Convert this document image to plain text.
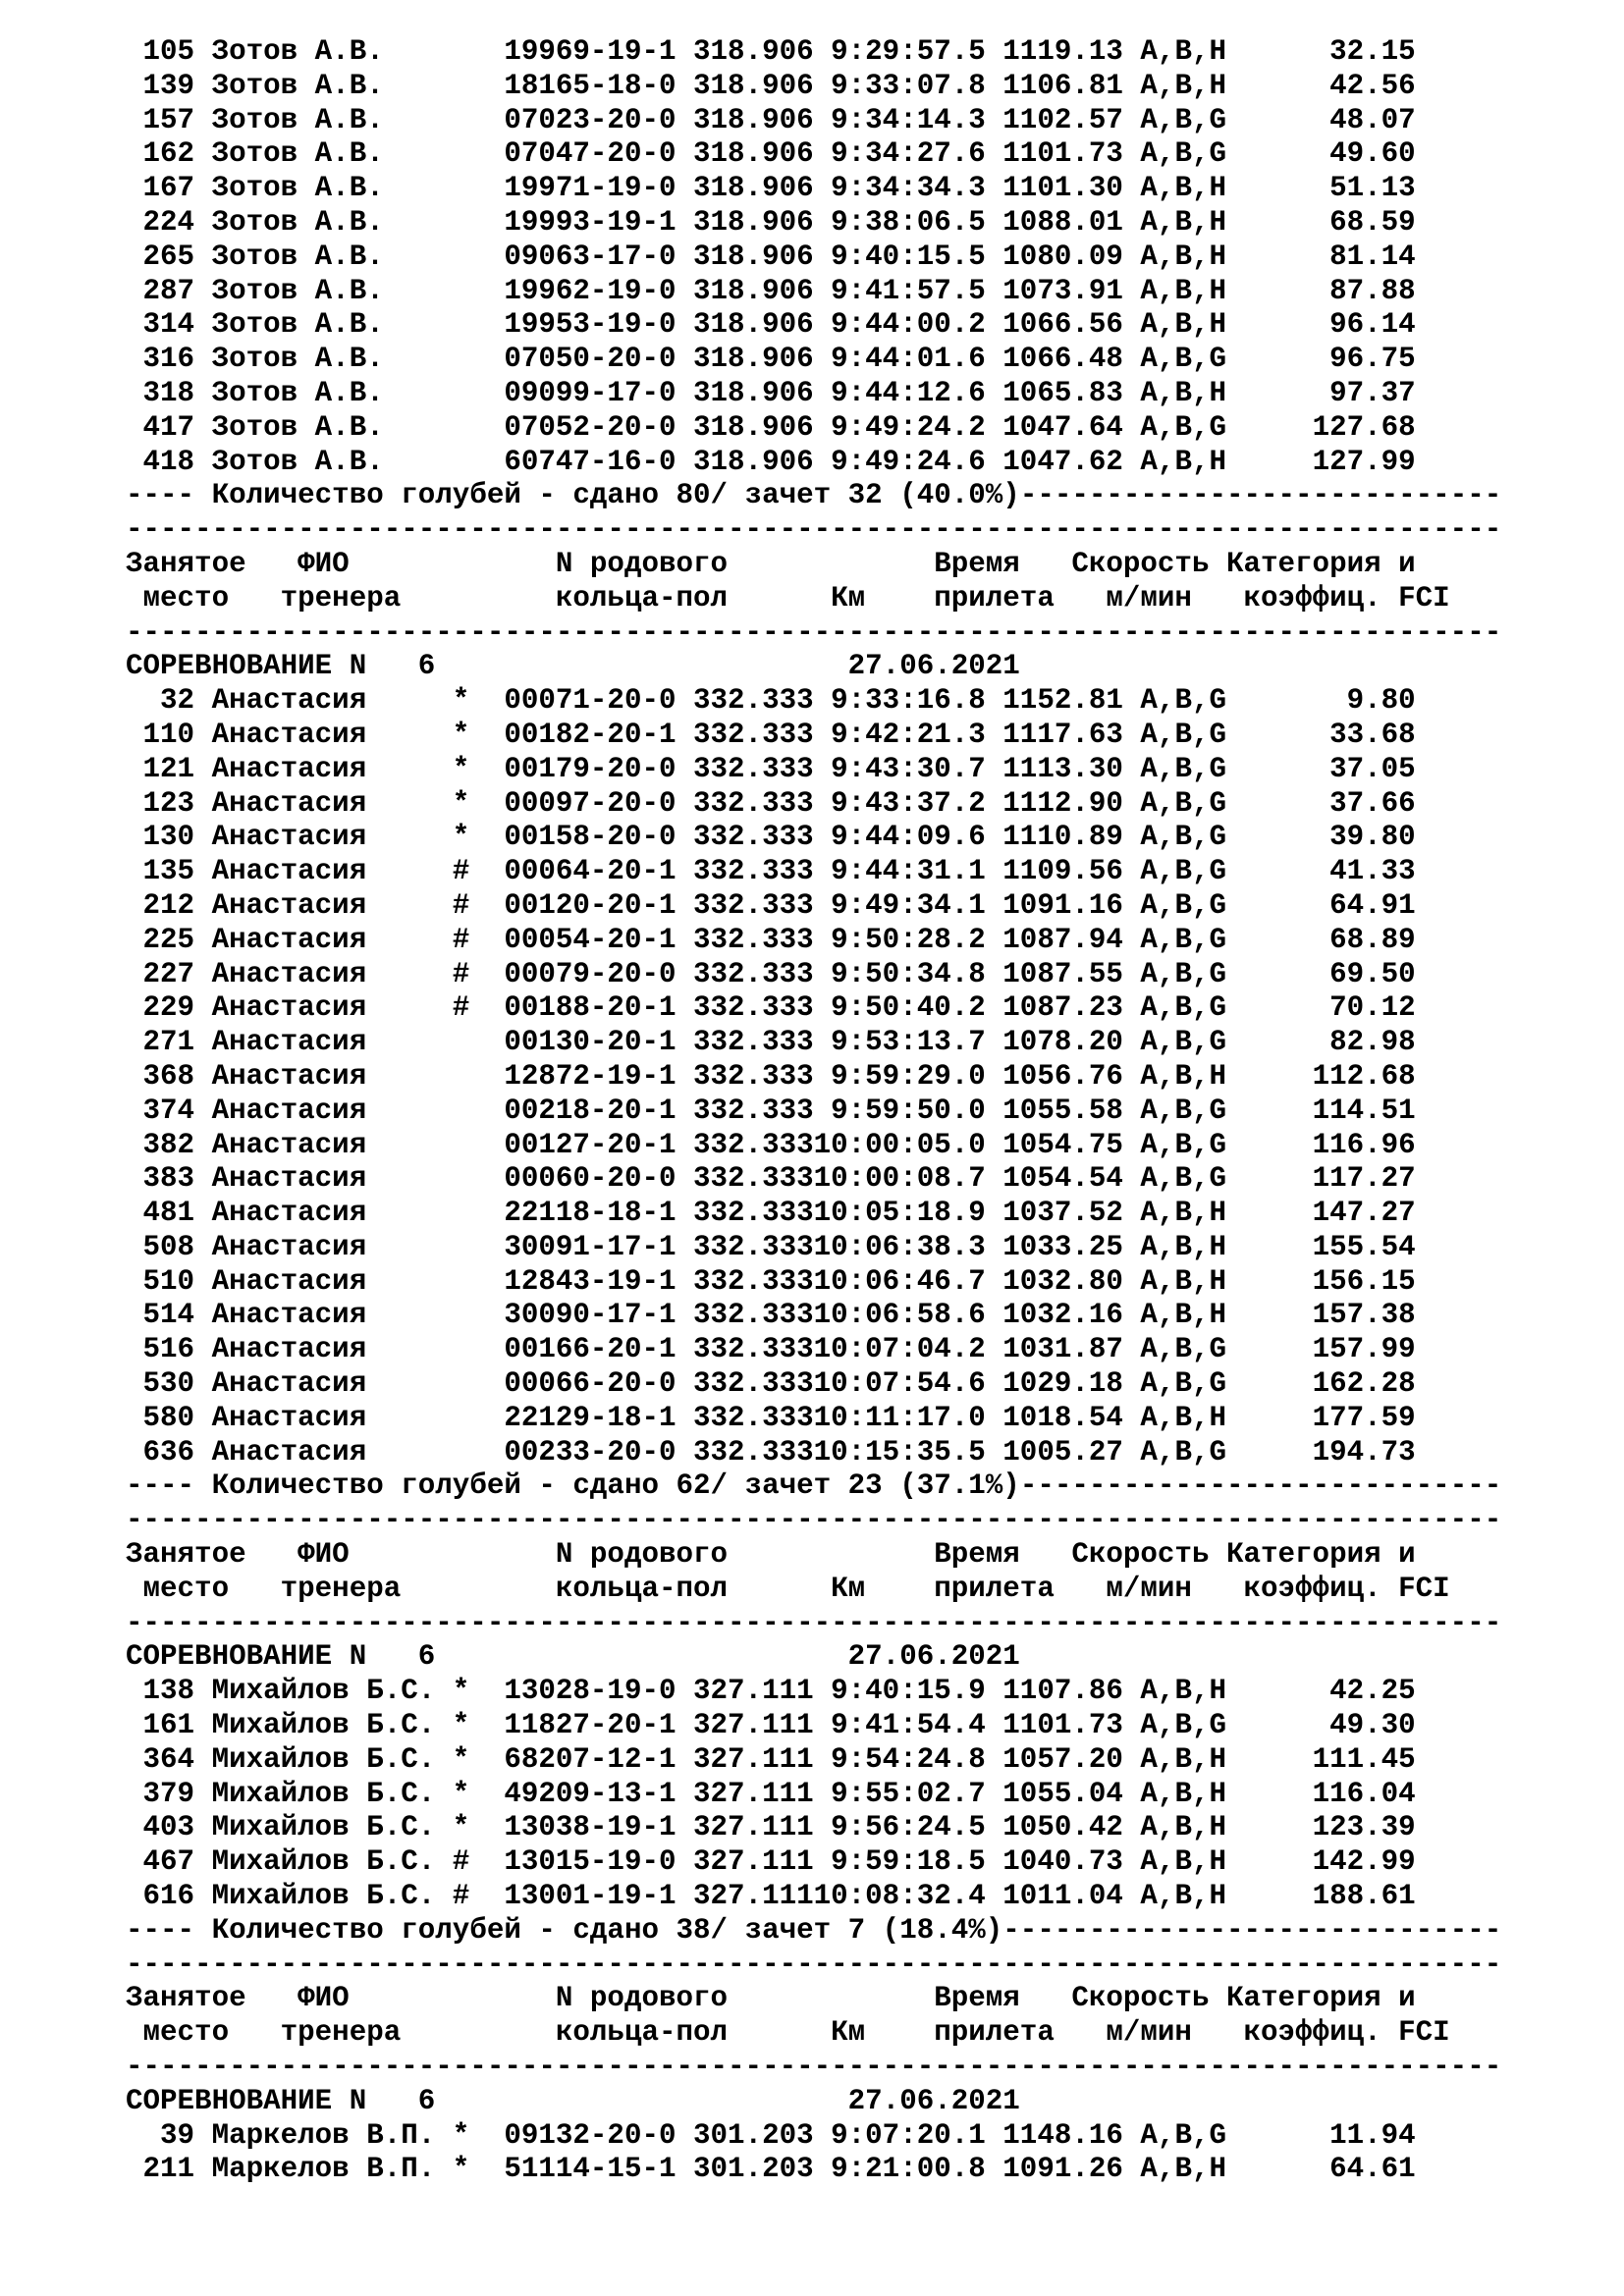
105 Зотов А.В.       19969-19-1 318.906 9:29:57.5 1119.13 A,B,H      32.15
139 Зотов А.В.       18165-18-0 318.906 9:33:07.8 1106.81 A,B,H      42.56
157 Зотов А.В.       07023-20-0 318.906 9:34:14.3 1102.57 A,B,G      48.07
162 Зотов А.В.       07047-20-0 318.906 9:34:27.6 1101.73 A,B,G      49.60
167 Зотов А.В.       19971-19-0 318.906 9:34:34.3 1101.30 A,B,H      51.13
224 Зотов А.В.       19993-19-1 318.906 9:38:06.5 1088.01 A,B,H      68.59
265 Зотов А.В.       09063-17-0 318.906 9:40:15.5 1080.09 A,B,H      81.14
287 Зотов А.В.       19962-19-0 318.906 9:41:57.5 1073.91 A,B,H      87.88
314 Зотов А.В.       19953-19-0 318.906 9:44:00.2 1066.56 A,B,H      96.14
316 Зотов А.В.       07050-20-0 318.906 9:44:01.6 1066.48 A,B,G      96.75
318 Зотов А.В.       09099-17-0 318.906 9:44:12.6 1065.83 A,B,H      97.37
417 Зотов А.В.       07052-20-0 318.906 9:49:24.2 1047.64 A,B,G     127.68
418 Зотов А.В.       60747-16-0 318.906 9:49:24.6 1047.62 A,B,H     127.99
---- Количество голубей - сдано 80/ зачет 32 (40.0%)----------------------------
--------------------------------------------------------------------------------
Занятое   ФИО            N родового            Время   Скорость Категория и
место   тренера         кольца-пол      Км    прилета   м/мин   коэффиц. FCI
--------------------------------------------------------------------------------
СОРЕВНОВАНИЕ N   6                        27.06.2021
32 Анастасия     * 00071-20-0 332.333 9:33:16.8 1152.81 A,B,G       9.80
110 Анастасия     * 00182-20-1 332.333 9:42:21.3 1117.63 A,B,G      33.68
121 Анастасия     * 00179-20-0 332.333 9:43:30.7 1113.30 A,B,G      37.05
123 Анастасия     * 00097-20-0 332.333 9:43:37.2 1112.90 A,B,G      37.66
130 Анастасия     * 00158-20-0 332.333 9:44:09.6 1110.89 A,B,G      39.80
135 Анастасия     # 00064-20-1 332.333 9:44:31.1 1109.56 A,B,G      41.33
212 Анастасия     # 00120-20-1 332.333 9:49:34.1 1091.16 A,B,G      64.91
225 Анастасия     # 00054-20-1 332.333 9:50:28.2 1087.94 A,B,G      68.89
227 Анастасия     # 00079-20-0 332.333 9:50:34.8 1087.55 A,B,G      69.50
229 Анастасия     # 00188-20-1 332.333 9:50:40.2 1087.23 A,B,G      70.12
271 Анастасия        00130-20-1 332.333 9:53:13.7 1078.20 A,B,G      82.98
368 Анастасия        12872-19-1 332.333 9:59:29.0 1056.76 A,B,H     112.68
374 Анастасия        00218-20-1 332.333 9:59:50.0 1055.58 A,B,G     114.51
382 Анастасия        00127-20-1 332.33310:00:05.0 1054.75 A,B,G     116.96
383 Анастасия        00060-20-0 332.33310:00:08.7 1054.54 A,B,G     117.27
481 Анастасия        22118-18-1 332.33310:05:18.9 1037.52 A,B,H     147.27
508 Анастасия        30091-17-1 332.33310:06:38.3 1033.25 A,B,H     155.54
510 Анастасия        12843-19-1 332.33310:06:46.7 1032.80 A,B,H     156.15
514 Анастасия        30090-17-1 332.33310:06:58.6 1032.16 A,B,H     157.38
516 Анастасия        00166-20-1 332.33310:07:04.2 1031.87 A,B,G     157.99
530 Анастасия        00066-20-0 332.33310:07:54.6 1029.18 A,B,G     162.28
580 Анастасия        22129-18-1 332.33310:11:17.0 1018.54 A,B,H     177.59
636 Анастасия        00233-20-0 332.33310:15:35.5 1005.27 A,B,G     194.73
---- Количество голубей - сдано 62/ зачет 23 (37.1%)----------------------------
--------------------------------------------------------------------------------
Занятое   ФИО            N родового            Время   Скорость Категория и
место   тренера         кольца-пол      Км    прилета   м/мин   коэффиц. FCI
--------------------------------------------------------------------------------
СОРЕВНОВАНИЕ N   6                        27.06.2021
138 Михайлов Б.С. * 13028-19-0 327.111 9:40:15.9 1107.86 A,B,H      42.25
161 Михайлов Б.С. * 11827-20-1 327.111 9:41:54.4 1101.73 A,B,G      49.30
364 Михайлов Б.С. * 68207-12-1 327.111 9:54:24.8 1057.20 A,B,H     111.45
379 Михайлов Б.С. * 49209-13-1 327.111 9:55:02.7 1055.04 A,B,H     116.04
403 Михайлов Б.С. * 13038-19-1 327.111 9:56:24.5 1050.42 A,B,H     123.39
467 Михайлов Б.С. # 13015-19-0 327.111 9:59:18.5 1040.73 A,B,H     142.99
616 Михайлов Б.С. # 13001-19-1 327.11110:08:32.4 1011.04 A,B,H     188.61
---- Количество голубей - сдано 38/ зачет 7 (18.4%)-----------------------------
--------------------------------------------------------------------------------
Занятое   ФИО            N родового            Время   Скорость Категория и
место   тренера         кольца-пол      Км    прилета   м/мин   коэффиц. FCI
--------------------------------------------------------------------------------
СОРЕВНОВАНИЕ N   6                        27.06.2021
39 Маркелов В.П. * 09132-20-0 301.203 9:07:20.1 1148.16 A,B,G      11.94
211 Маркелов В.П. * 51114-15-1 301.203 9:21:00.8 1091.26 A,B,H      64.61
